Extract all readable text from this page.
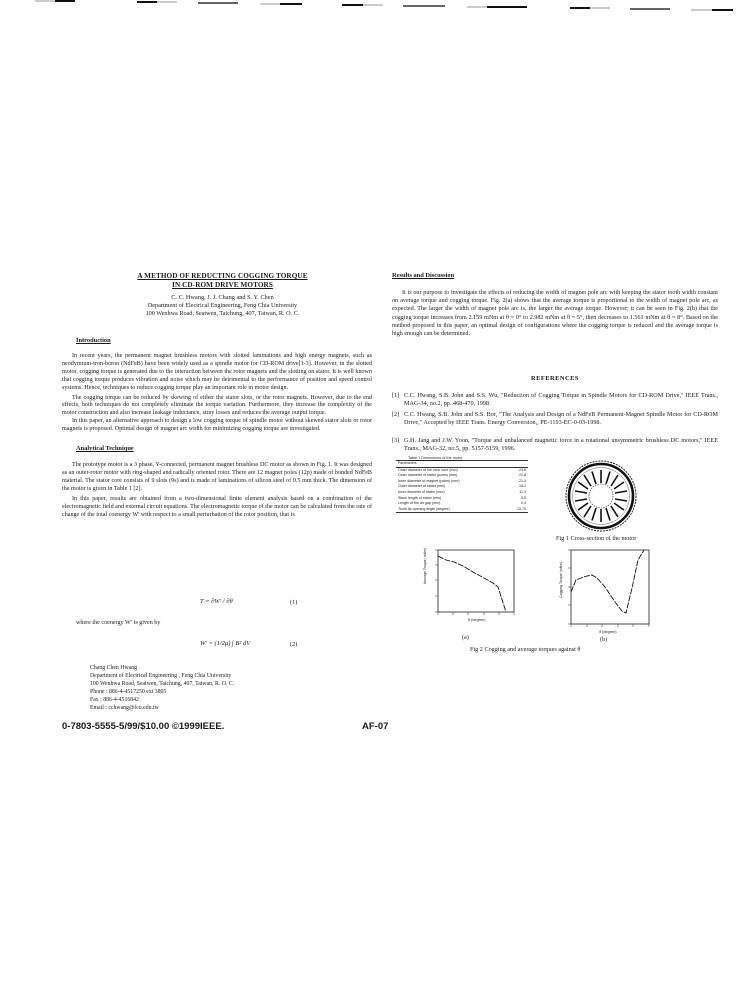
A METHOD OF REDUCTING COGGING TORQUE
IN CD-ROM DRIVE MOTORS
C. C. Hwang, J. J. Chang and S. Y. Chen
Department of Electrical Engineering, Feng Chia University
100 Wenhwa Road, Seatwen, Taichung, 407, Taiwan, R. O. C.
Introduction

In recent years, the permanent magnet brushless motors with slotted laminations and high energy magnets, such as neodymium-iron-boron (NdFeB) have been widely used as a spindle motor for CD-ROM drive[1-3]. However, in the slotted motor, cogging torque is generated due to the interaction between the rotor magnets and the slotting on stator. It is well known that cogging torque produces vibration and noise which may be detrimental to the performance of position and speed control systems. Hence, techniques to reduce cogging torque play an important role in motor design.

The cogging torque can be reduced by skewing of either the stator slots, or the rotor magnets. However, due to the end effects, both techniques do not completely eliminate the torque variation. Furthermore, they increase the complexity of the motor construction and also increase leakage inductance, stray losses and reduces the average output torque.

In this paper, an alternative approach to design a low cogging torque of spindle motor without skewed stator slots or rotor magnets is proposed. Optimal design of magnet arc width for minimizing cogging torque are investigated.

Analytical Technique

The prototype motor is a 3 phase, Y-connected, permanent magnet brushless DC motor as shown in Fig. 1. It was designed as an outer-rotor motor with ring-shaped and radically oriented rotor. There are 12 magnet poles (12p) made of bonded NdFeB material. The stator core consists of 9 slots (9s) and is made of laminations of silicon steel of 0.5 mm thick. The dimension of the motor is given in Table 1 [2].

In this paper, results are obtained from a two-dimensional finite element analysis based on a combination of the electromagnetic field and external circuit equations. The electromagnetic torque of the motor can be calculated from the rate of change of the total coenergy W' with respect to a small perturbation of the rotor position, that is

T = ∂W′ / ∂θ	(1)
where the coenergy W′ is given by
W′ = (1/2μ) ∫ B² dV	(2)
Chang Chen Hwang
Department of Electrical Engineering , Feng Chia University
100 Wenhwa Road, Seatwen, Taichung, 407, Taiwan, R. O. C.
Phone : 886-4-4517250 ext 3805
Fax : 886-4-4516842
Email : cchwang@fcu.edu.tw
0-7803-5555-5/99/$10.00 ©1999IEEE.	AF-07
Results and Discussion

It is our purpose to investigate the effects of reducing the width of magnet pole arc with keeping the stator tooth width constant on average torque and cogging torque. Fig. 2(a) shows that the average torque is proportional to the width of magnet pole arc, as expected. The larger the width of magnet pole arc is, the larger the average torque. However, it can be seen in Fig. 2(b) that the cogging torque increases from 2.159 mNm at θ = 0° to 2.982 mNm at θ = 5°, then decreases to 1.561 mNm at θ = 8°. Based on the method proposed in this paper, an optimal design of configurations where the cogging torque is reduced and the average torque is high enough can be determined.

REFERENCES
[1] C.C. Hwang, S.B. John and S.S. Wu, "Reduction of Cogging Torque in Spindle Motors for CD-ROM Drive," IEEE Trans., MAG-34, no.2, pp. 468-470, 1998.
[2] C.C. Hwang, S.B. John and S.S. Bor, "The Analysis and Design of a NdFeB Permanent-Magnet Spindle Motor for CD-ROM Drive," Accepted by IEEE Trans. Energy Conversion,, PE-1193-EC-0-03-1998.
[3] G.H. Jang and J.W. Yoon, "Torque and unbalanced magnetic force in a rotational unsymmetric brushless DC motors," IEEE Trans., MAG-32, no.5, pp. 5157-5159, 1996.
Table 1 Dimensions of the motor
Parameters	
Outer diameter of the rotor core (mm)	24.8
Outer diameter of stator (poles) (mm)	22.8
Inner diameter of magnet (poles) (mm)	21.0
Outer diameter of stator (mm)	18.2
Inner diameter of stator (mm)	11.3
Stack length of stator (mm)	5.5
Length of the air gap (mm)	0.4
Tooth tip opening angle (degree)	13.70
Fig 1 Cross-section of the motor
Average Torque (mNm)
θ (degree)
(a)
Cogging Torque (mNm)
θ (degree)
(b)
Fig 2 Cogging and average torques against θ
